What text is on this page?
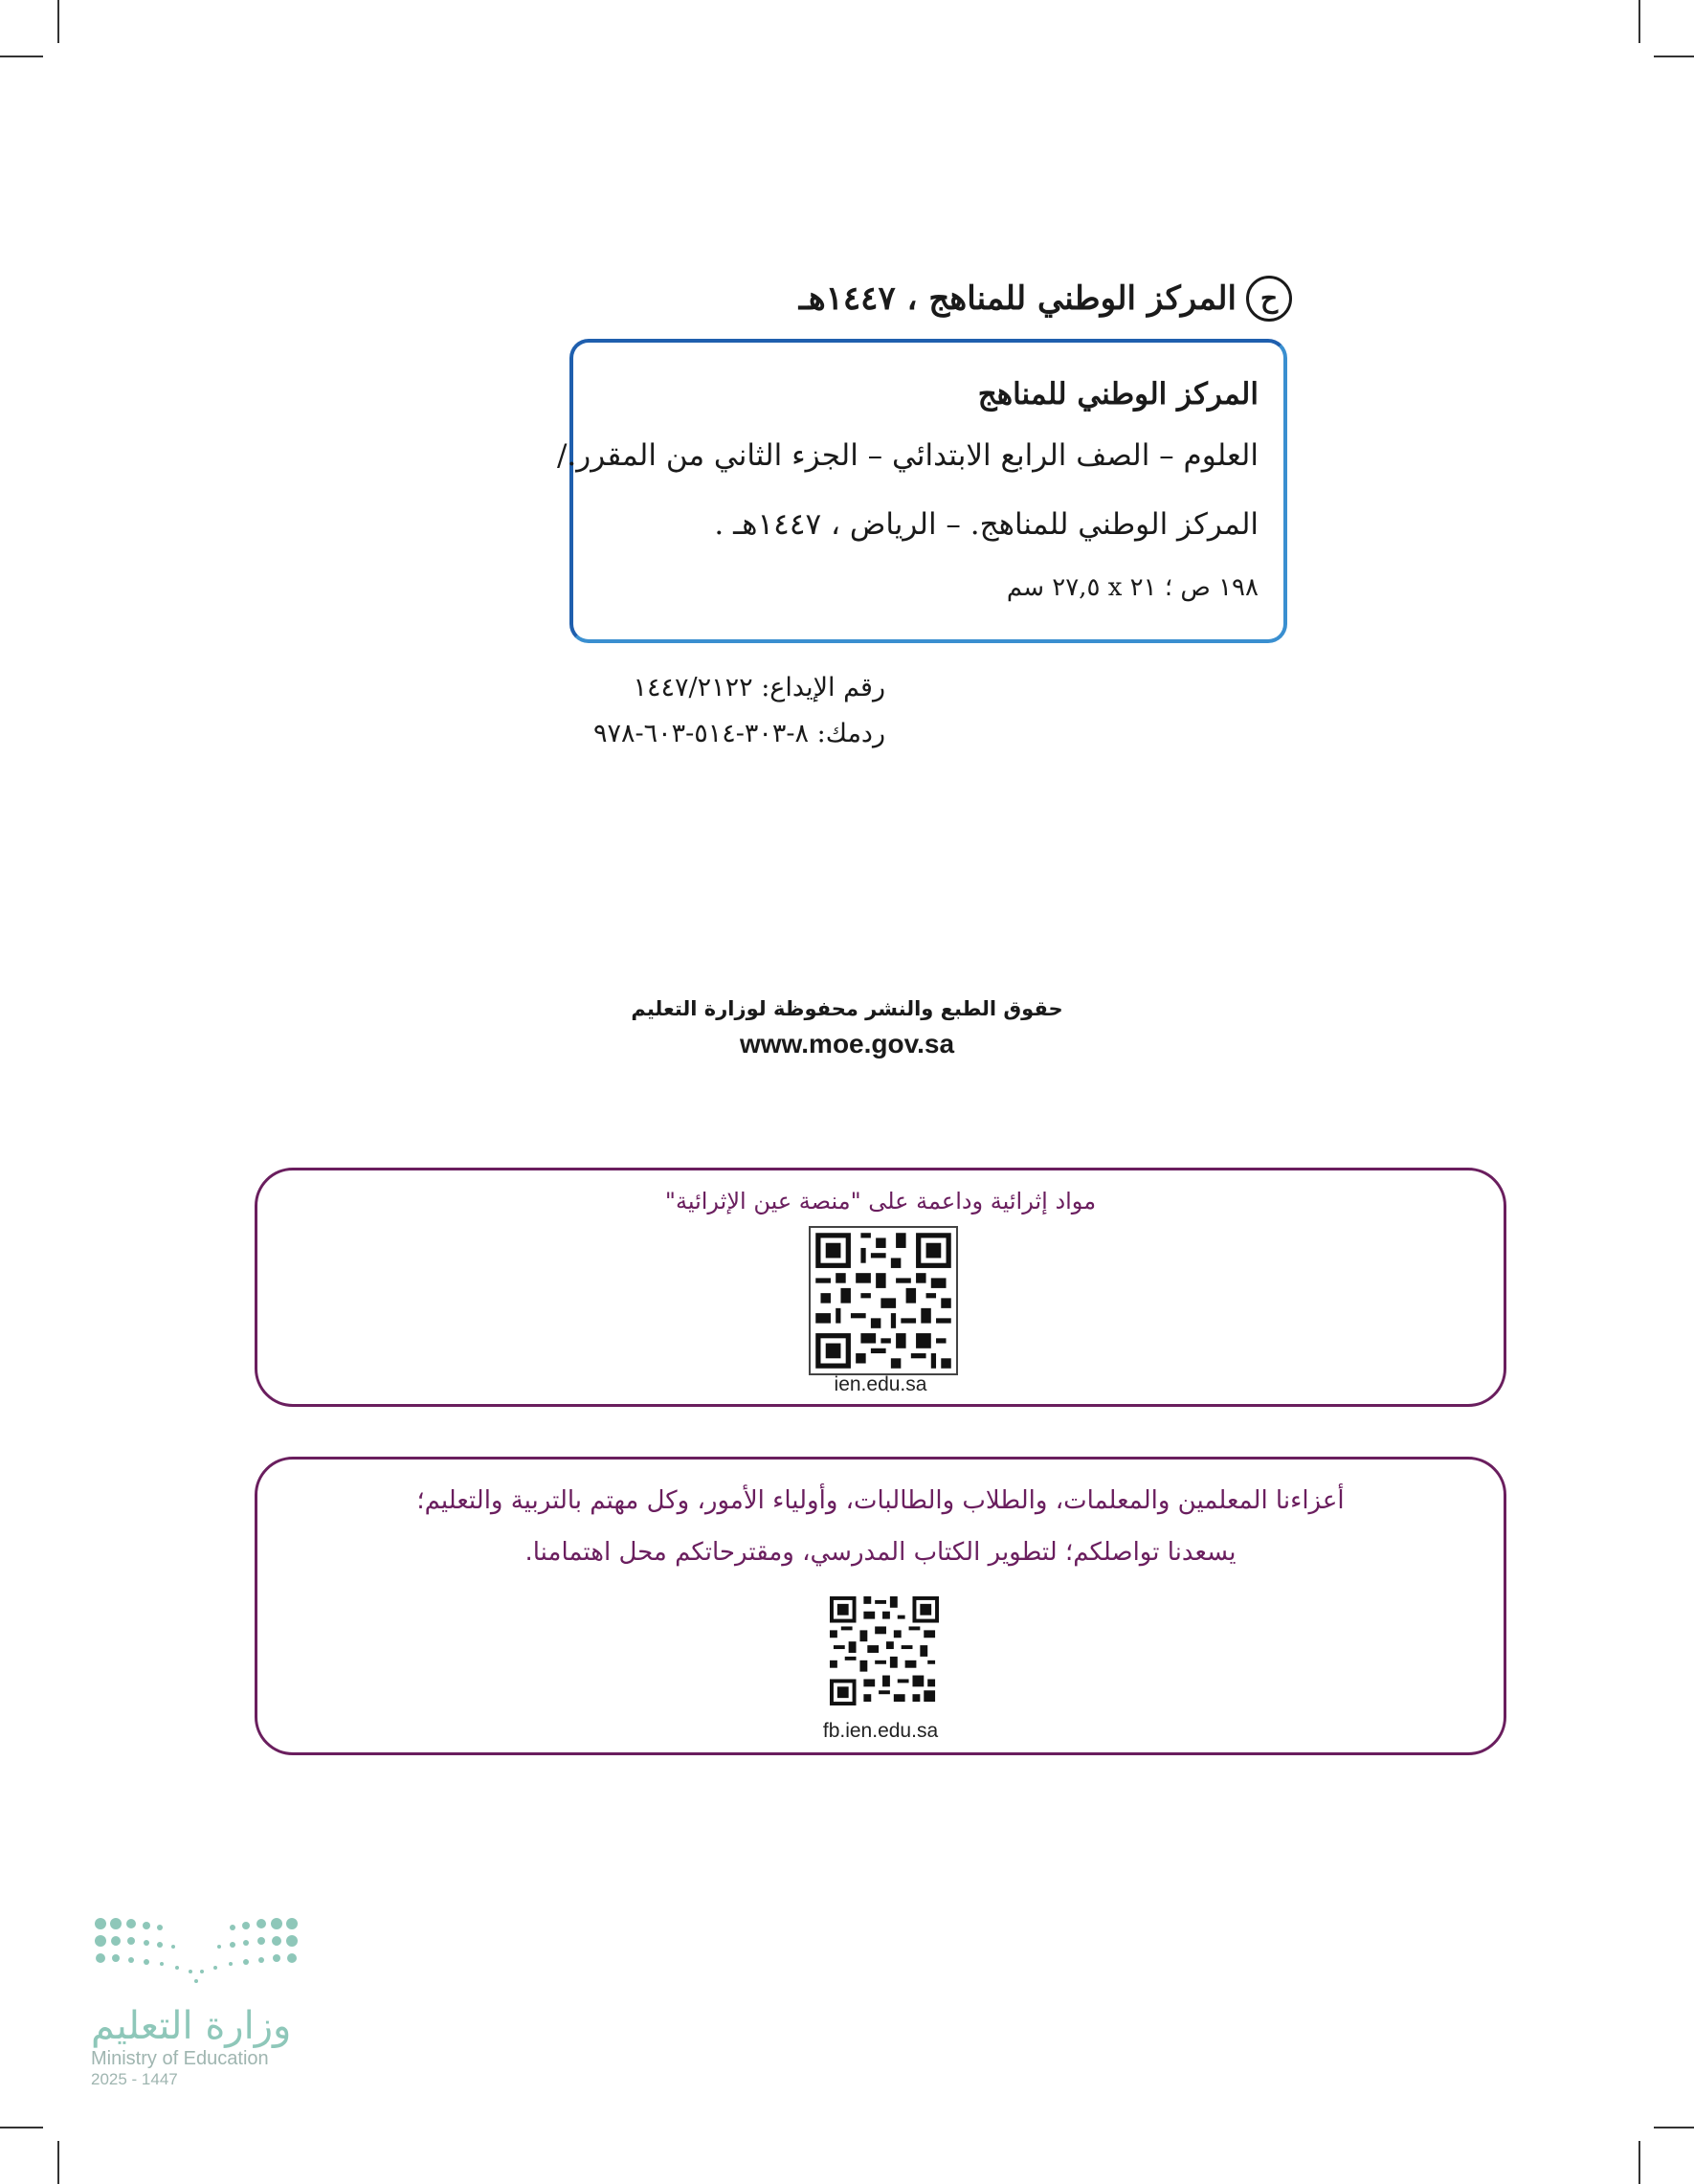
ح
المركز الوطني للمناهج ، ١٤٤٧هـ
المركز الوطني للمناهج
العلوم – الصف الرابع الابتدائي – الجزء الثاني من المقرر./
المركز الوطني للمناهج. – الرياض ، ١٤٤٧هـ .
١٩٨ ص ؛ ٢١ x ٢٧,٥ سم
رقم الإيداع: ١٤٤٧/٢١٢٢
ردمك: ٨-٣٠٣-٥١٤-٦٠٣-٩٧٨
حقوق الطبع والنشر محفوظة لوزارة التعليم
www.moe.gov.sa
مواد إثرائية وداعمة على "منصة عين الإثرائية"
ien.edu.sa
أعزاءنا المعلمين والمعلمات، والطلاب والطالبات، وأولياء الأمور، وكل مهتم بالتربية والتعليم؛
يسعدنا تواصلكم؛ لتطوير الكتاب المدرسي، ومقترحاتكم محل اهتمامنا.
fb.ien.edu.sa
وزارة التعليم
Ministry of Education
2025 - 1447
